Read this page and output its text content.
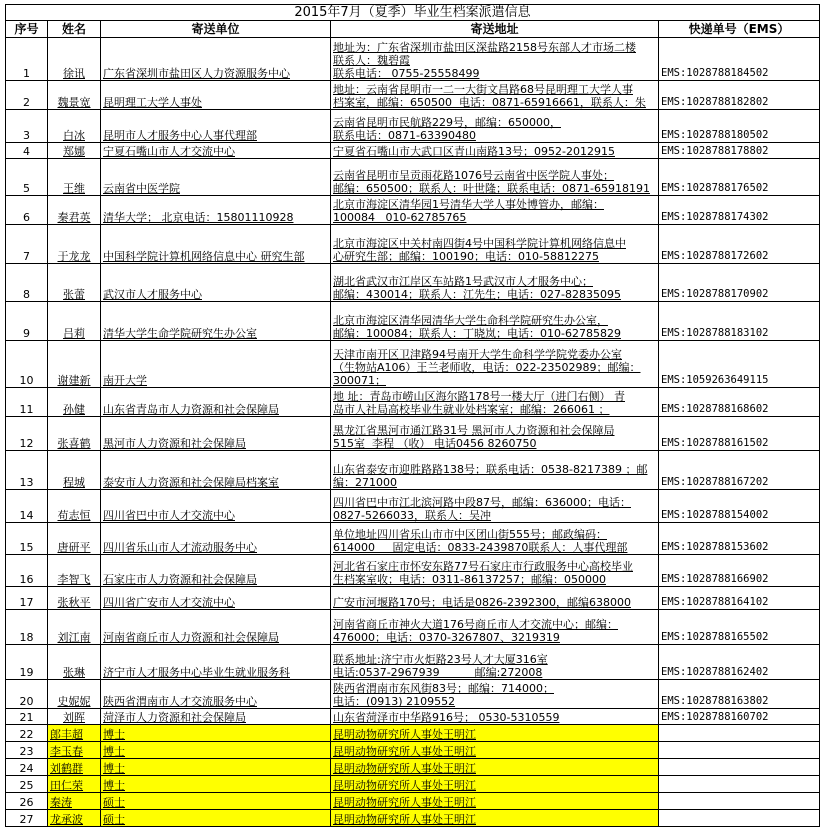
2015年7月（夏季）毕业生档案派遣信息				
序号	姓名	寄送单位	寄送地址	快递单号（EMS）
1	徐讯	广东省深圳市盐田区人力资源服务中心	地址为：广东省深圳市盐田区深盐路2158号东部人才市场二楼
联系人：魏碧霞
联系电话： 0755-25558499	EMS:1028788184502
2	魏景宽	昆明理工大学人事处	地址：云南省昆明市一二一大街文昌路68号昆明理工大学人事
档案室，邮编：650500  电话：0871-65916661，联系人：朱	EMS:1028788182802
3	白冰	昆明市人才服务中心人事代理部	云南省昆明市民航路229号，邮编：650000，
联系电话：0871-63390480	EMS:1028788180502
4	郑娜	宁夏石嘴山市人才交流中心	宁夏省石嘴山市大武口区青山南路13号；0952-2012915	EMS:1028788178802
5	王维	云南省中医学院	云南省昆明市呈贡雨花路1076号云南省中医学院人事处；
邮编：650500；联系人：叶世隆；联系电话：0871-65918191	EMS:1028788176502
6	秦君英	清华大学； 北京电话：15801110928	北京市海淀区清华园1号清华大学人事处博管办，邮编：
100084   010-62785765	EMS:1028788174302
7	于龙龙	中国科学院计算机网络信息中心 研究生部	北京市海淀区中关村南四街4号中国科学院计算机网络信息中
心研究生部；邮编：100190；电话：010-58812275	EMS:1028788172602
8	张蕾	武汉市人才服务中心	湖北省武汉市江岸区车站路1号武汉市人才服务中心；
邮编：430014；联系人：江先生；电话：027-82835095	EMS:1028788170902
9	吕莉	清华大学生命学院研究生办公室	北京市海淀区清华园清华大学生命科学院研究生办公室，
邮编：100084；联系人：丁晓岚；电话：010-62785829	EMS:1028788183102
10	谢建新	南开大学	天津市南开区卫津路94号南开大学生命科学学院党委办公室
（生物站A106）王兰老师收，电话：022-23502989；邮编：
300071；	EMS:1059263649115
11	孙健	山东省青岛市人力资源和社会保障局	地 址：青岛市崂山区海尔路178号一楼大厅（进门右侧） 青
岛市人社局高校毕业生就业处档案室；邮编：266061 ；	EMS:1028788168602
12	张喜鹤	黑河市人力资源和社会保障局	黑龙江省黑河市通江路31号 黑河市人力资源和社会保障局
515室  李程 （收） 电话0456 8260750	EMS:1028788161502
13	程城	泰安市人力资源和社会保障局档案室	山东省泰安市迎胜路路138号；联系电话：0538-8217389 ；邮
编：271000	EMS:1028788167202
14	苟志恒	四川省巴中市人才交流中心	四川省巴中市江北滨河路中段87号，邮编：636000；电话：
0827-5266033，联系人：吴冲	EMS:1028788154002
15	唐研平	四川省乐山市人才流动服务中心	单位地址四川省乐山市市中区团山街555号；邮政编码：
614000     固定电话：0833-2439870联系人：人事代理部	EMS:1028788153602
16	李智飞	石家庄市人力资源和社会保障局	河北省石家庄市怀安东路77号石家庄市行政服务中心高校毕业
生档案室收；电话：0311-86137257；邮编：050000	EMS:1028788166902
17	张秋平	四川省广安市人才交流中心	广安市河堰路170号；电话是0826-2392300，邮编638000	EMS:1028788164102
18	刘江南	河南省商丘市人力资源和社会保障局	河南省商丘市神火大道176号商丘市人才交流中心；邮编：
476000；电话：0370-3267807、3219319	EMS:1028788165502
19	张琳	济宁市人才服务中心毕业生就业服务科	联系地址:济宁市火炬路23号人才大厦316室
电话:0537-2967939          邮编:272008	EMS:1028788162402
20	史妮妮	陕西省渭南市人才交流服务中心	陕西省渭南市东风街83号；邮编：714000；
电话：(0913) 2109552	EMS:1028788163802
21	刘晖	菏泽市人力资源和社会保障局	山东省菏泽市中华路916号； 0530-5310559	EMS:1028788160702
22	郎丰超	博士	昆明动物研究所人事处王明江	
23	李玉春	博士	昆明动物研究所人事处王明江	
24	刘鹤群	博士	昆明动物研究所人事处王明江	
25	田仁荣	博士	昆明动物研究所人事处王明江	
26	秦涛	硕士	昆明动物研究所人事处王明江	
27	龙承波	硕士	昆明动物研究所人事处王明江	
